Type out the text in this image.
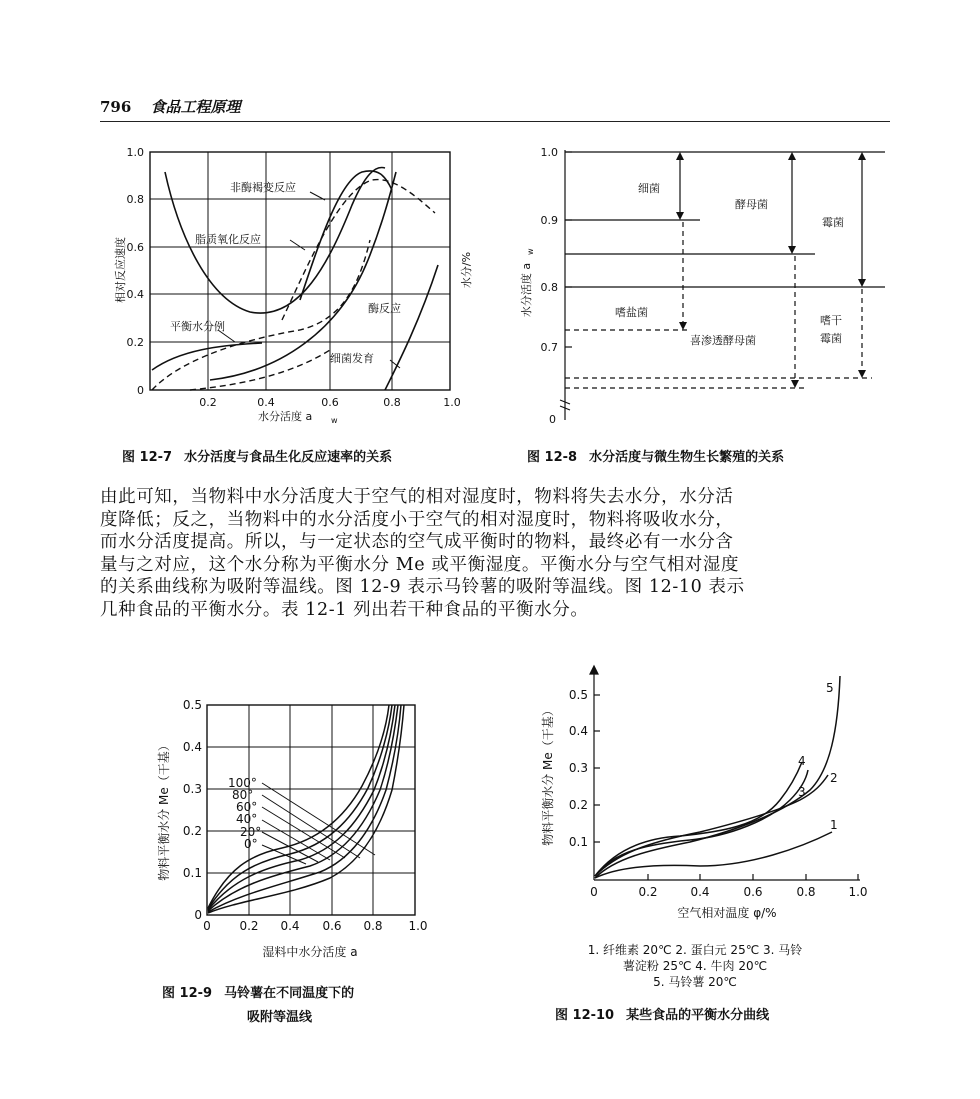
796 食品工程原理
1.0
0.8
0.6
0.4
0.2
0
0.2	0.4	0.6	0.8	1.0
水分活度 a w
相对反应速度	水分/%
非酶褐变反应
脂质氧化反应
酶反应
平衡水分例
细菌发育
图 12-7 水分活度与食品生化反应速率的关系
1.0
0.9
0.8
0.7
0
水分活度 a
w
细菌
酵母菌
霉菌
嗜盐菌
喜渗透酵母菌
嗜干
霉菌
图 12-8 水分活度与微生物生长繁殖的关系
由此可知，当物料中水分活度大于空气的相对湿度时，物料将失去水分，水分活
度降低；反之，当物料中的水分活度小于空气的相对湿度时，物料将吸收水分，
而水分活度提高。所以，与一定状态的空气成平衡时的物料，最终必有一水分含
量与之对应，这个水分称为平衡水分 Me 或平衡湿度。平衡水分与空气相对湿度
的关系曲线称为吸附等温线。图 12-9 表示马铃薯的吸附等温线。图 12-10 表示
几种食品的平衡水分。表 12-1 列出若干种食品的平衡水分。
0.5
0.4
0.3
0.2
0.1
0
0 0.2 0.4 0.6 0.8 1.0
湿料中水分活度 a
物料平衡水分 Me（干基）	100°
80°
60°
40°
20°
0°
图 12-9 马铃薯在不同温度下的
吸附等温线
0.5
0.4
0.3
0.2
0.1
0	0.2	0.4	0.6	0.8	1.0
空气相对温度 φ/%
物料平衡水分 Me（干基）	1
2
3
4
5
1. 纤维素 20℃ 2. 蛋白元 25℃ 3. 马铃
薯淀粉 25℃ 4. 牛肉 20℃
5. 马铃薯 20℃
图 12-10 某些食品的平衡水分曲线
